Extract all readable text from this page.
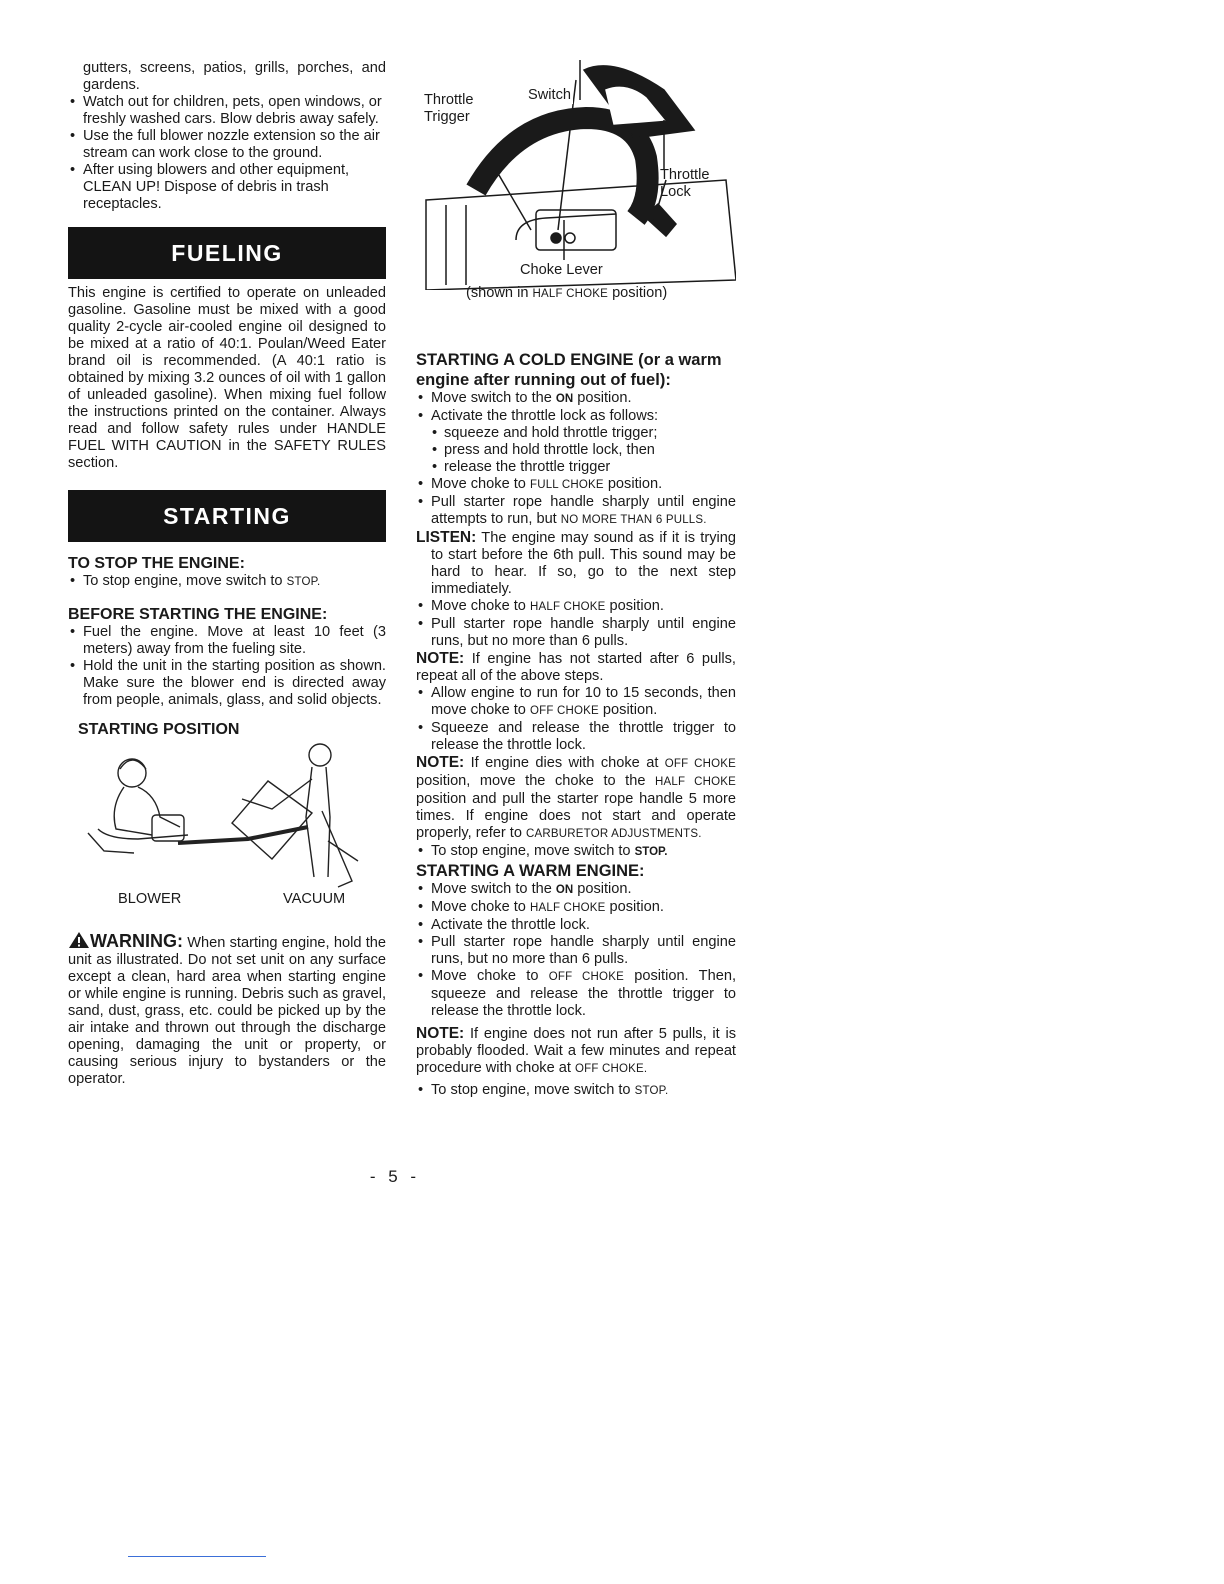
gutters, screens, patios, grills, porches, and gardens.

• Watch out for children, pets, open windows, or freshly washed cars. Blow debris away safely.
• Use the full blower nozzle extension so the air stream can work close to the ground.
• After using blowers and other equipment, CLEAN UP! Dispose of debris in trash receptacles.
FUELING

This engine is certified to operate on unleaded gasoline. Gasoline must be mixed with a good quality 2-cycle air-cooled engine oil designed to be mixed at a ratio of 40:1. Poulan/Weed Eater brand oil is recommended. (A 40:1 ratio is obtained by mixing 3.2 ounces of oil with 1 gallon of unleaded gasoline). When mixing fuel follow the instructions printed on the container. Always read and follow safety rules under HANDLE FUEL WITH CAUTION in the SAFETY RULES section.

STARTING
TO STOP THE ENGINE:
• To stop engine, move switch to STOP.
BEFORE STARTING THE ENGINE:
• Fuel the engine. Move at least 10 feet (3 meters) away from the fueling site.
• Hold the unit in the starting position as shown. Make sure the blower end is directed away from people, animals, glass, and solid objects.
STARTING POSITION
BLOWER	VACUUM

WARNING: When starting engine, hold the unit as illustrated. Do not set unit on any surface except a clean, hard area when starting engine or while engine is running. Debris such as gravel, sand, dust, grass, etc. could be picked up by the air intake and thrown out through the discharge opening, damaging the unit or property, or causing serious injury to bystanders or the operator.

Throttle
Trigger
Switch
Throttle
Lock
Choke Lever
(shown in HALF CHOKE position)
STARTING A COLD ENGINE (or a warm engine after running out of fuel):
• Move switch to the ON position.
• Activate the throttle lock as follows:
• squeeze and hold throttle trigger;
• press and hold throttle lock, then
• release the throttle trigger
• Move choke to FULL CHOKE position.
• Pull starter rope handle sharply until engine attempts to run, but NO MORE THAN 6 PULLS.

LISTEN: The engine may sound as if it is trying to start before the 6th pull. This sound may be hard to hear. If so, go to the next step immediately.

• Move choke to HALF CHOKE position.
• Pull starter rope handle sharply until engine runs, but no more than 6 pulls.

NOTE: If engine has not started after 6 pulls, repeat all of the above steps.

• Allow engine to run for 10 to 15 seconds, then move choke to OFF CHOKE position.
• Squeeze and release the throttle trigger to release the throttle lock.

NOTE: If engine dies with choke at OFF CHOKE position, move the choke to the HALF CHOKE position and pull the starter rope handle 5 more times. If engine does not start and operate properly, refer to CARBURETOR ADJUSTMENTS.

• To stop engine, move switch to STOP.
STARTING A WARM ENGINE:
• Move switch to the ON position.
• Move choke to HALF CHOKE position.
• Activate the throttle lock.
• Pull starter rope handle sharply until engine runs, but no more than 6 pulls.
• Move choke to OFF CHOKE position. Then, squeeze and release the throttle trigger to release the throttle lock.

NOTE: If engine does not run after 5 pulls, it is probably flooded. Wait a few minutes and repeat procedure with choke at OFF CHOKE.

• To stop engine, move switch to STOP.
- 5 -
